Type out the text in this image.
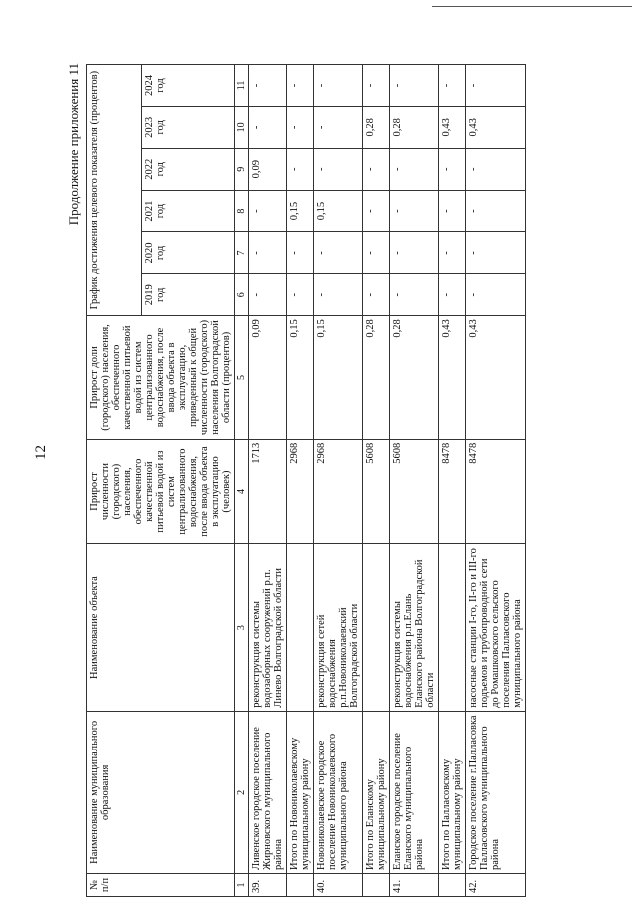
12
Продолжение приложения 11
№ п/п	Наименование муниципального образования	Наименование объекта	Прирост численности (городского) населения, обеспеченного качественной питьевой водой из систем централизованного водоснабжения, после ввода объекта в эксплуатацию (человек)	Прирост доли (городского) населения, обеспеченного качественной питьевой водой из систем централизованного водоснабжения, после ввода объекта в эксплуатацию, приведенный к общей численности (городского) населения Волгоградской области (процентов)	График достижения целевого показателя (процентов)					
					2019 год	2020 год	2021 год	2022 год	2023 год	2024 год
1	2	3	4	5	6	7	8	9	10	11
39.	Ливенское городское поселение Жирновского муниципального района	реконструкция системы водозаборных сооружений р.п. Линево Волгоградской области	1713	0,09	-	-	-	0,09	-	-
	Итого по Новониколаевскому муниципальному району		2968	0,15	-	-	0,15	-	-	-
40.	Новониколаевское городское поселение Новониколаевского муниципального района	реконструкция сетей водоснабжения р.п.Новониколаевский Волгоградской области	2968	0,15	-	-	0,15	-	-	-
	Итого по Еланскому муниципальному району		5608	0,28	-	-	-	-	0,28	-
41.	Еланское городское поселение Еланского муниципального района	реконструкция системы водоснабжения р.п.Елань Еланского района Волгоградской области	5608	0,28	-	-	-	-	0,28	-
	Итого по Палласовскому муниципальному району		8478	0,43	-	-	-	-	0,43	-
42.	Городское поселение г.Палласовка Палласовского муниципального района	насосные станции I-го, II-го и III-го подъемов и трубопроводной сети до Ромашковского сельского поселения Палласовского муниципального района	8478	0,43	-	-	-	-	0,43	-
